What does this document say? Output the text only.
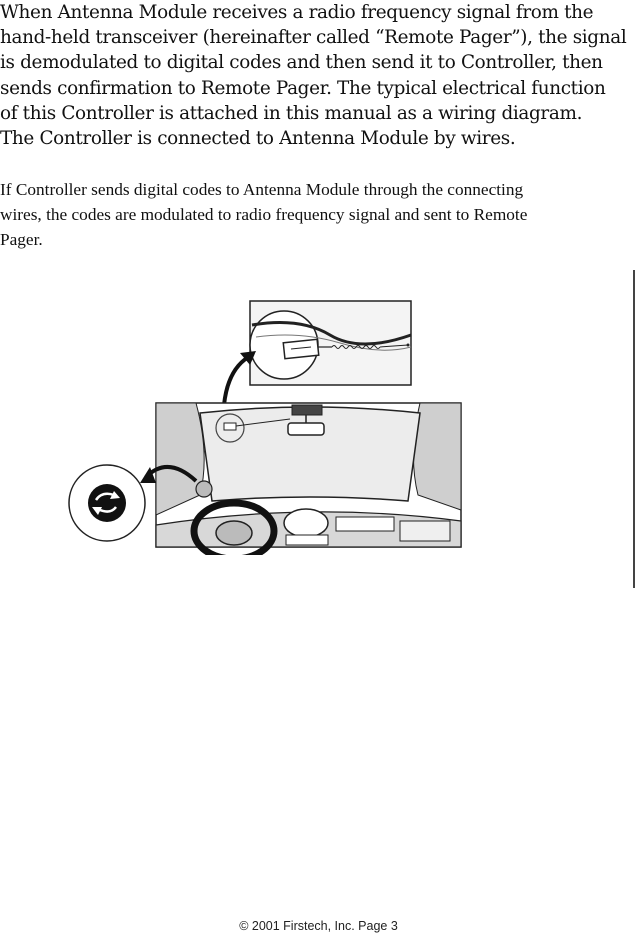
When Antenna Module receives a radio frequency signal from the
hand-held transceiver (hereinafter called “Remote Pager”), the signal
is demodulated to digital codes and then send it to Controller, then
sends confirmation to Remote Pager. The typical electrical function
of this Controller is attached in this manual as a wiring diagram.
The Controller is connected to Antenna Module by wires.
If Controller sends digital codes to Antenna Module through the connecting
wires, the codes are modulated to radio frequency signal and sent to Remote
Pager.
© 2001 Firstech, Inc. Page 3
